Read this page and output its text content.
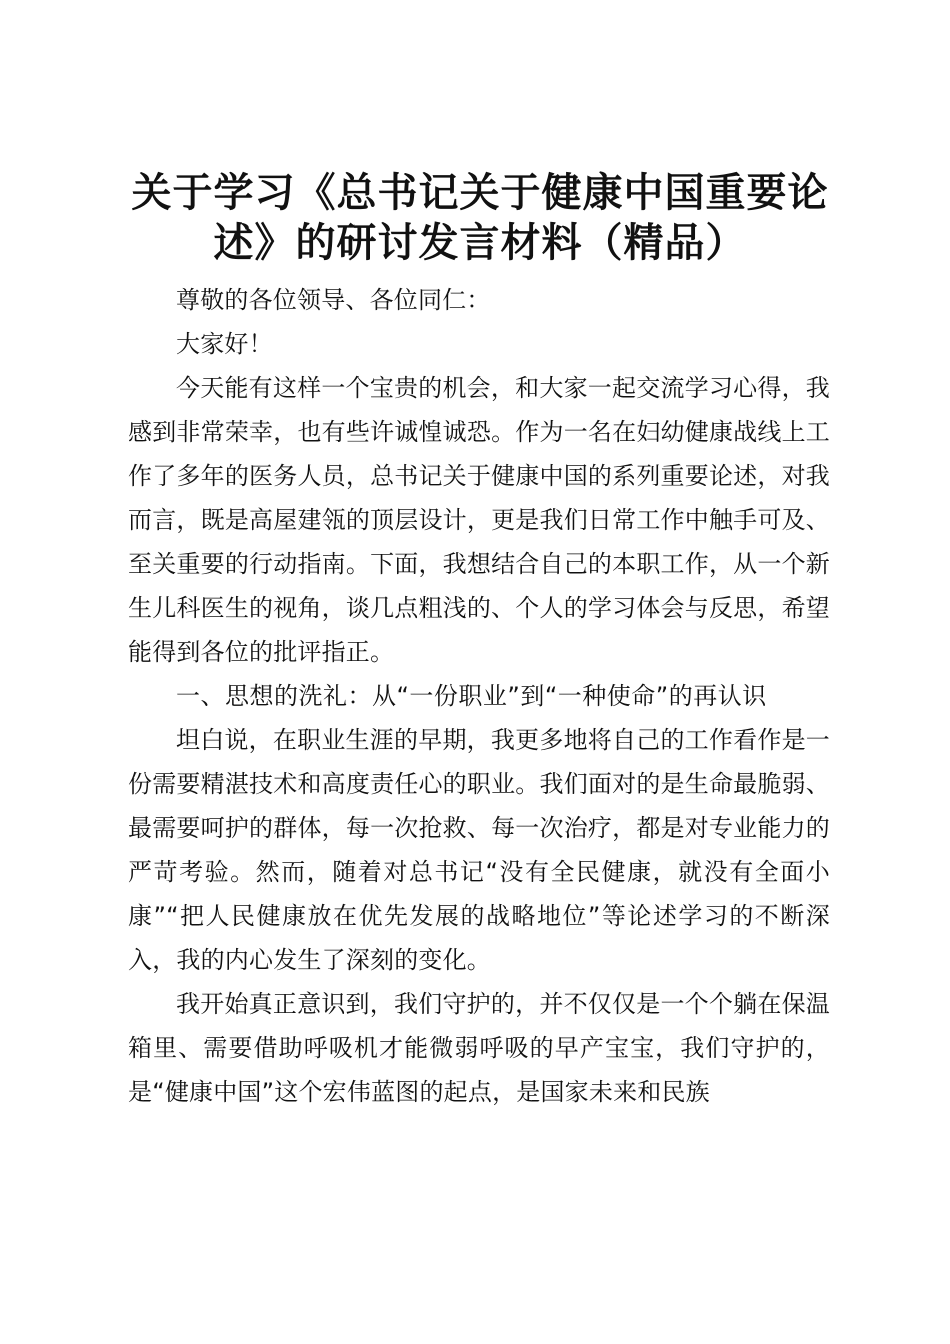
关于学习《总书记关于健康中国重要论
述》的研讨发言材料（精品）

尊敬的各位领导、各位同仁：

大家好！

今天能有这样一个宝贵的机会，和大家一起交流学习心得，我感到非常荣幸，也有些许诚惶诚恐。作为一名在妇幼健康战线上工作了多年的医务人员，总书记关于健康中国的系列重要论述，对我而言，既是高屋建瓴的顶层设计，更是我们日常工作中触手可及、至关重要的行动指南。下面，我想结合自己的本职工作，从一个新生儿科医生的视角，谈几点粗浅的、个人的学习体会与反思，希望能得到各位的批评指正。

一、思想的洗礼：从“一份职业”到“一种使命”的再认识

坦白说，在职业生涯的早期，我更多地将自己的工作看作是一份需要精湛技术和高度责任心的职业。我们面对的是生命最脆弱、最需要呵护的群体，每一次抢救、每一次治疗，都是对专业能力的严苛考验。然而，随着对总书记“没有全民健康，就没有全面小康”“把人民健康放在优先发展的战略地位”等论述学习的不断深入，我的内心发生了深刻的变化。

我开始真正意识到，我们守护的，并不仅仅是一个个躺在保温箱里、需要借助呼吸机才能微弱呼吸的早产宝宝，我们守护的，是“健康中国”这个宏伟蓝图的起点，是国家未来和民族
